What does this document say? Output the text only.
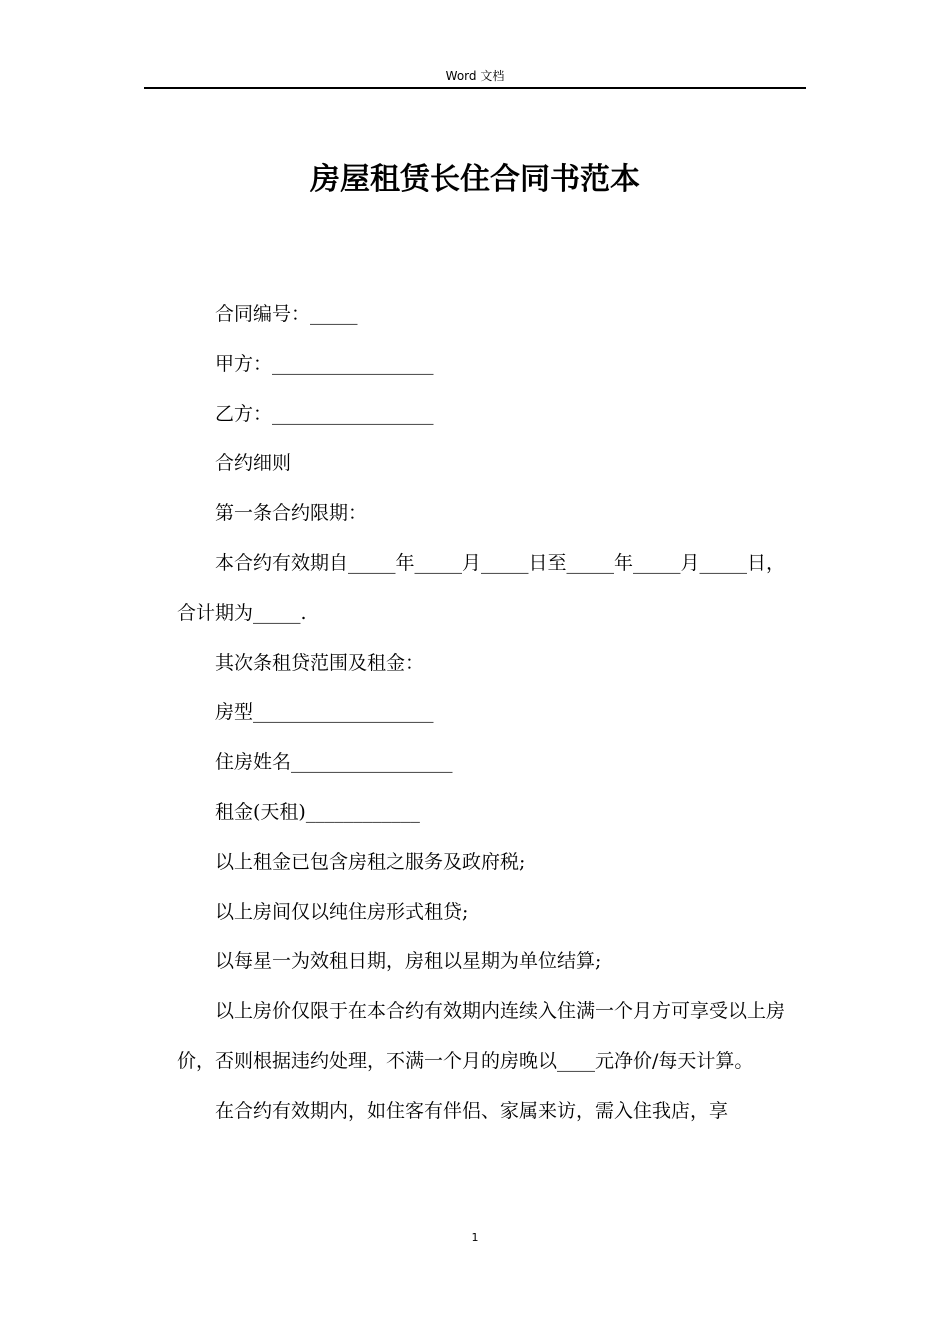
Word 文档
房屋租赁长住合同书范本

合同编号：_____

甲方：_________________

乙方：_________________

合约细则

第一条合约限期：

本合约有效期自_____年_____月_____日至_____年_____月_____日，合计期为_____.

其次条租贷范围及租金：

房型___________________

住房姓名_________________

租金(天租)____________

以上租金已包含房租之服务及政府税;

以上房间仅以纯住房形式租贷;

以每星一为效租日期，房租以星期为单位结算;

以上房价仅限于在本合约有效期内连续入住满一个月方可享受以上房价，否则根据违约处理，不满一个月的房晚以____元净价/每天计算。

在合约有效期内，如住客有伴侣、家属来访，需入住我店，享

1
